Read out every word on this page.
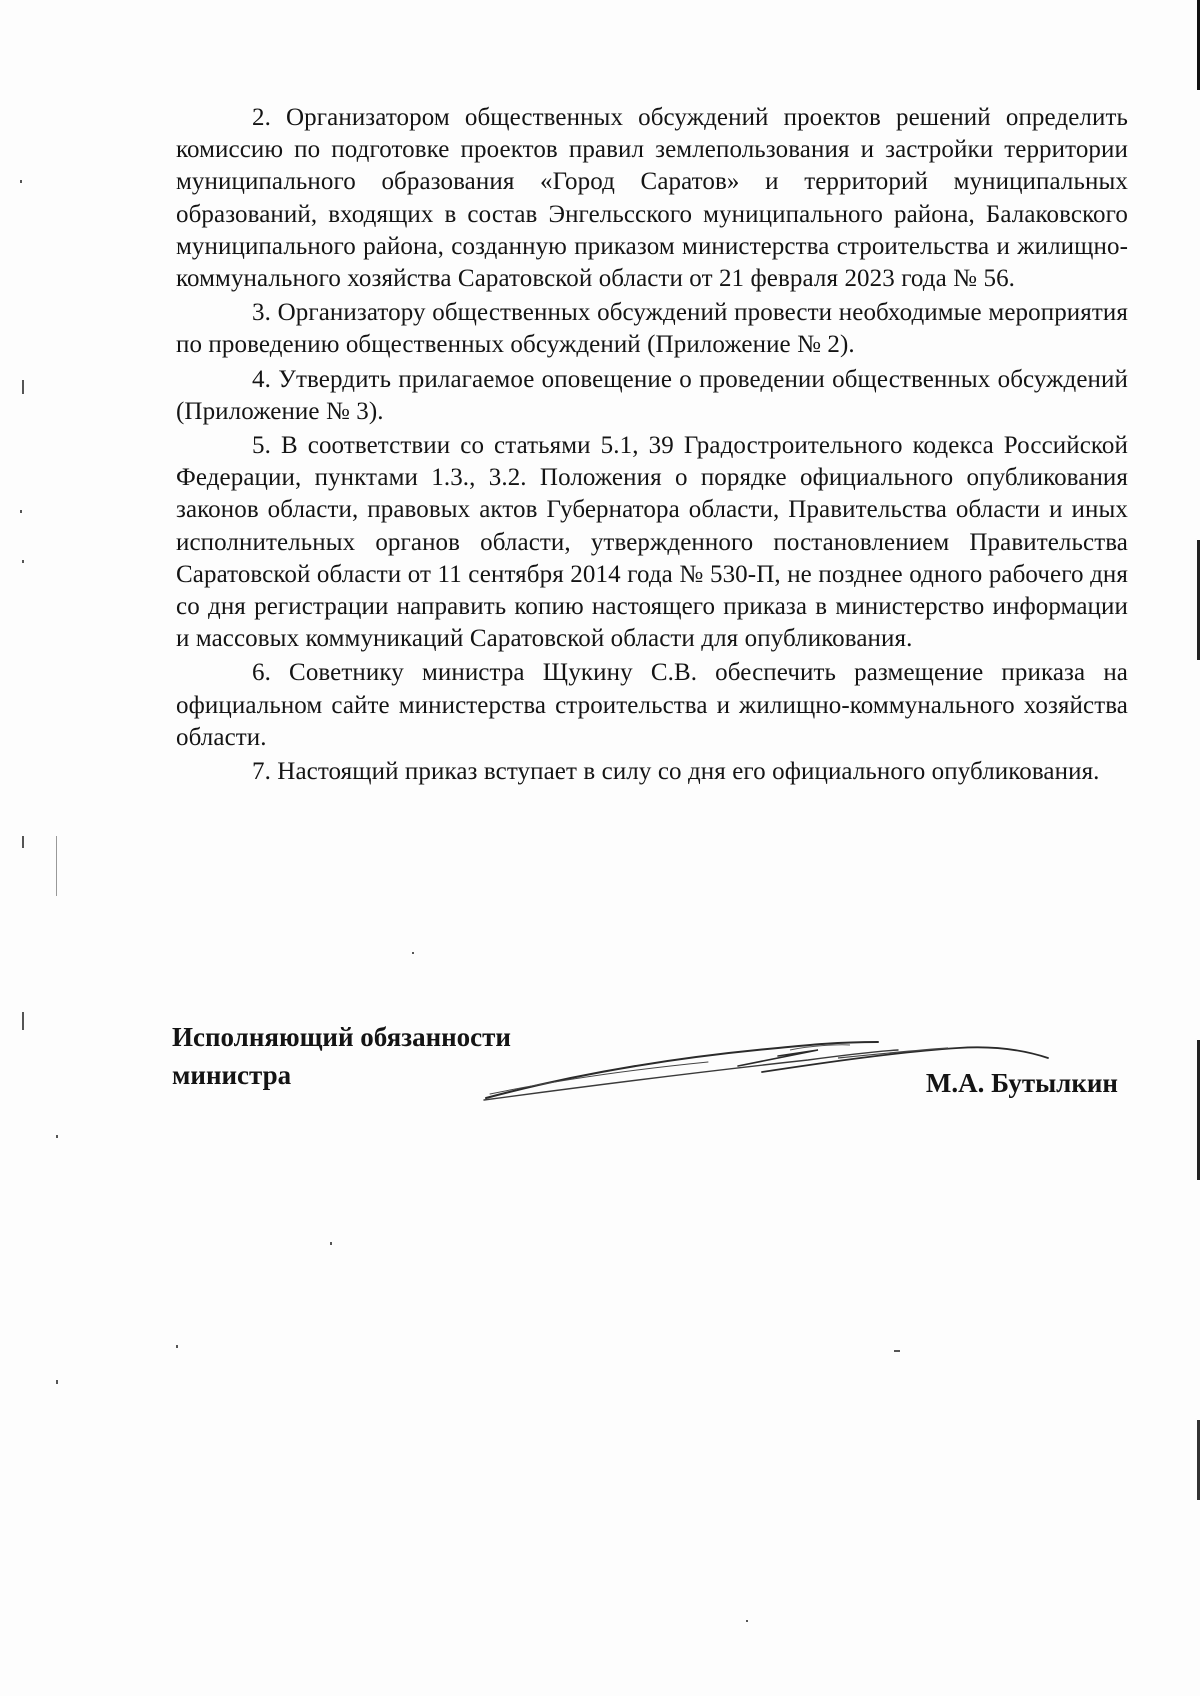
2. Организатором общественных обсуждений проектов решений определить комиссию по подготовке проектов правил землепользования и застройки территории муниципального образования «Город Саратов» и территорий муниципальных образований, входящих в состав Энгельсского муниципального района, Балаковского муниципального района, созданную приказом министерства строительства и жилищно-коммунального хозяйства Саратовской области от 21 февраля 2023 года № 56.

3. Организатору общественных обсуждений провести необходимые мероприятия по проведению общественных обсуждений (Приложение № 2).

4. Утвердить прилагаемое оповещение о проведении общественных обсуждений (Приложение № 3).

5. В соответствии со статьями 5.1, 39 Градостроительного кодекса Российской Федерации, пунктами 1.3., 3.2. Положения о порядке официального опубликования законов области, правовых актов Губернатора области, Правительства области и иных исполнительных органов области, утвержденного постановлением Правительства Саратовской области от 11 сентября 2014 года № 530-П, не позднее одного рабочего дня со дня регистрации направить копию настоящего приказа в министерство информации и массовых коммуникаций Саратовской области для опубликования.

6. Советнику министра Щукину С.В. обеспечить размещение приказа на официальном сайте министерства строительства и жилищно-коммунального хозяйства области.

7. Настоящий приказ вступает в силу со дня его официального опубликования.

Исполняющий обязанности
министра	М.А. Бутылкин
